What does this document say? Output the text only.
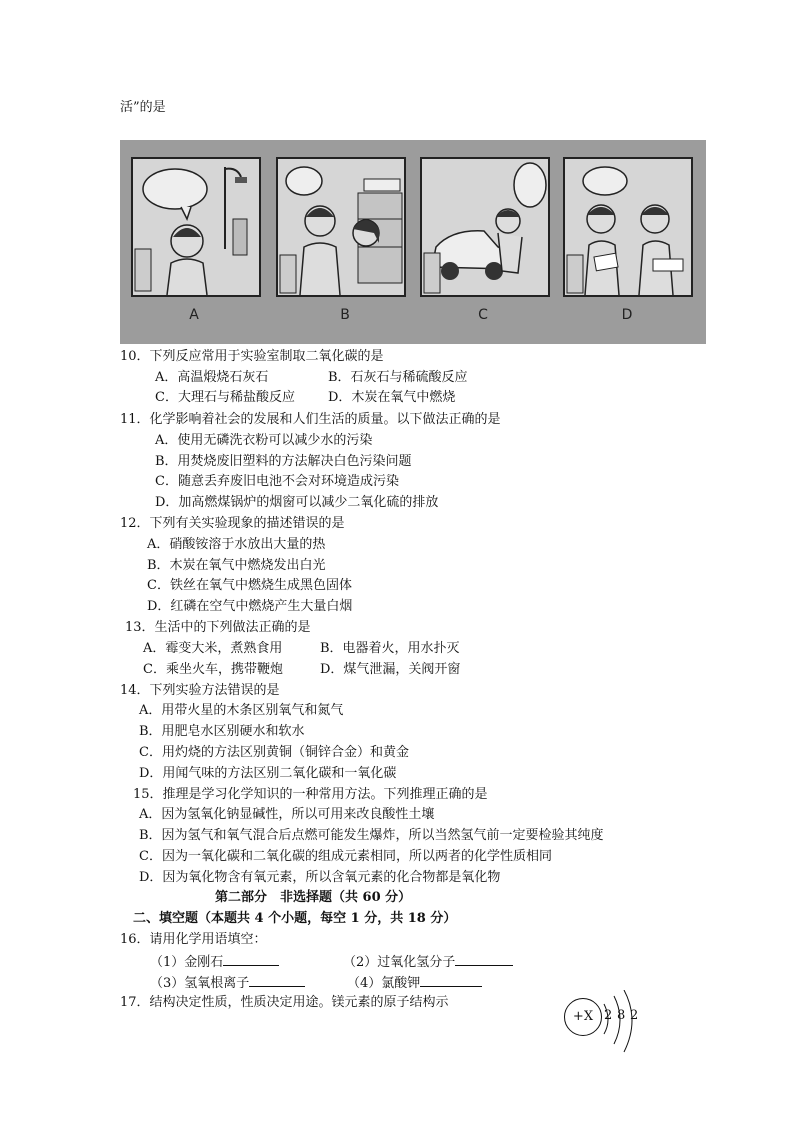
活”的是
A	B	C	D
10．下列反应常用于实验室制取二氧化碳的是
A．高温煅烧石灰石	B．石灰石与稀硫酸反应
C．大理石与稀盐酸反应	D．木炭在氧气中燃烧
11．化学影响着社会的发展和人们生活的质量。以下做法正确的是
A．使用无磷洗衣粉可以减少水的污染
B．用焚烧废旧塑料的方法解决白色污染问题
C．随意丢弃废旧电池不会对环境造成污染
D．加高燃煤锅炉的烟窗可以减少二氧化硫的排放
12．下列有关实验现象的描述错误的是
A．硝酸铵溶于水放出大量的热
B．木炭在氧气中燃烧发出白光
C．铁丝在氧气中燃烧生成黑色固体
D．红磷在空气中燃烧产生大量白烟
13．生活中的下列做法正确的是
A．霉变大米，煮熟食用	B．电器着火，用水扑灭
C．乘坐火车，携带鞭炮	D．煤气泄漏，关阀开窗
14．下列实验方法错误的是
A．用带火星的木条区别氧气和氮气
B．用肥皂水区别硬水和软水
C．用灼烧的方法区别黄铜（铜锌合金）和黄金
D．用闻气味的方法区别二氧化碳和一氧化碳
15．推理是学习化学知识的一种常用方法。下列推理正确的是
A．因为氢氧化钠显碱性，所以可用来改良酸性土壤
B．因为氢气和氧气混合后点燃可能发生爆炸，所以当然氢气前一定要检验其纯度
C．因为一氧化碳和二氧化碳的组成元素相同，所以两者的化学性质相同
D．因为氧化物含有氧元素，所以含氧元素的化合物都是氧化物
第二部分　非选择题（共 60 分）
二、填空题（本题共 4 个小题，每空 1 分，共 18 分）
16．请用化学用语填空：
（1）金刚石	（2）过氧化氢分子
（3）氢氧根离子	（4）氯酸钾
17．结构决定性质，性质决定用途。镁元素的原子结构示
+X 2 8 2
